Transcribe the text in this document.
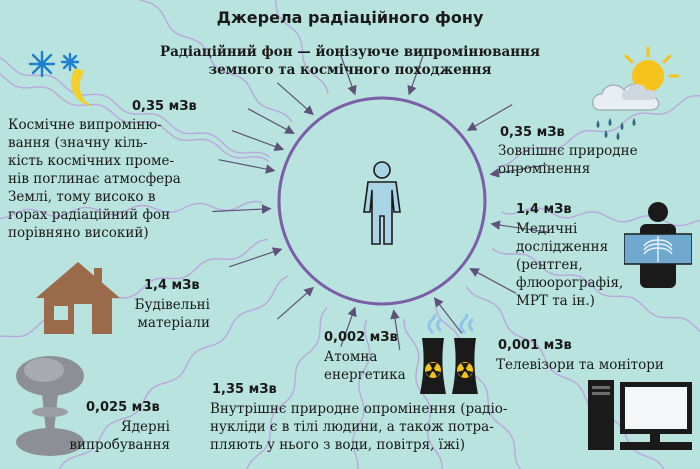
Джерела радіаційного фону
Радіаційний фон — йонізуюче випромінювання
земного та космічного походження
0,35 мЗв
Космічне випроміню-
вання (значну кіль-
кість космічних проме-
нів поглинає атмосфера
Землі, тому високо в
горах радіаційний фон
порівняно високий)
0,35 мЗв
Зовнішнє природне
опромінення
1,4 мЗв
Медичні
дослідження
(рентген,
флюорографія,
МРТ та ін.)
1,4 мЗв
Будівельні
матеріали
0,002 мЗв
Атомна
енергетика
0,001 мЗв
Телевізори та монітори
0,025 мЗв
Ядерні
випробування
1,35 мЗв
Внутрішнє природне опромінення (радіо-
нукліди є в тілі людини, а також потра-
пляють у нього з води, повітря, їжі)
